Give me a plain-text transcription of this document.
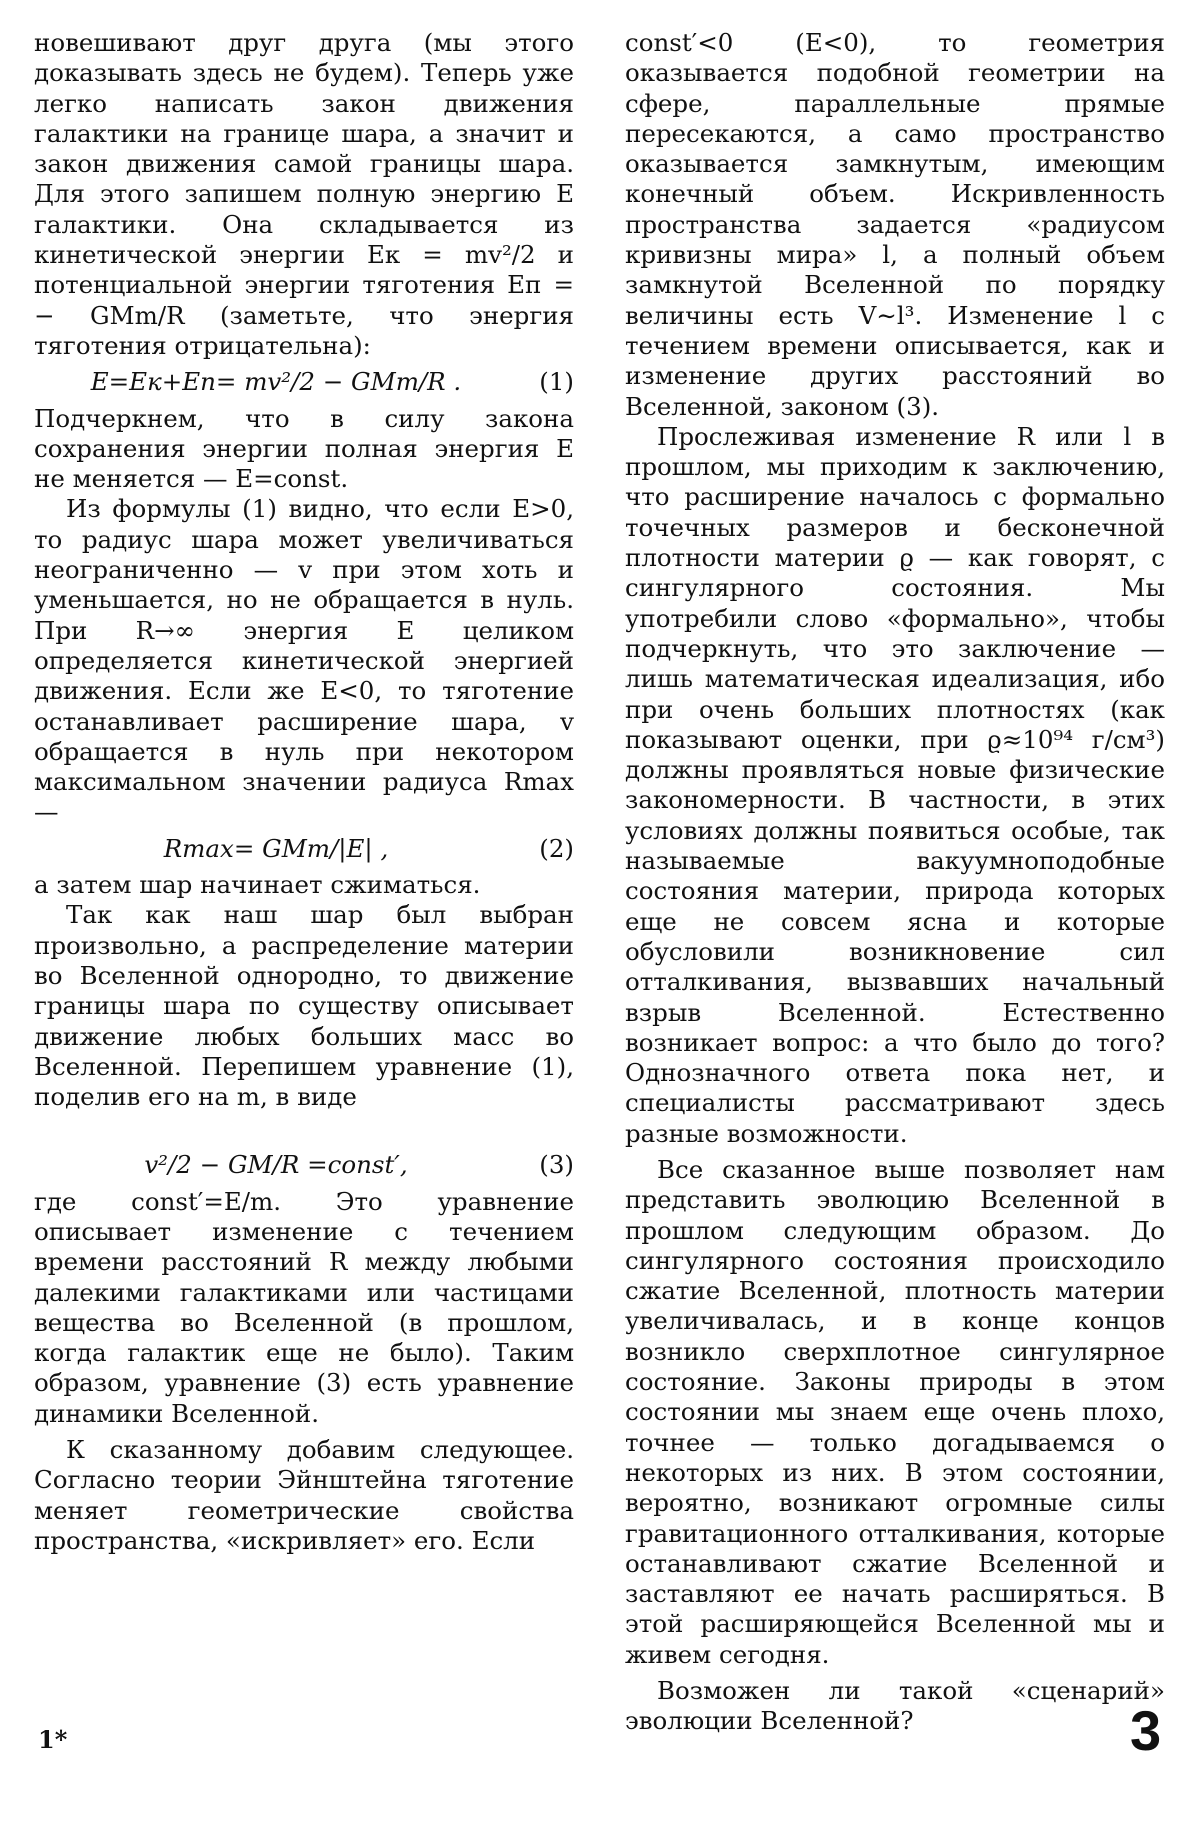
новешивают друг друга (мы этого доказывать здесь не будем). Теперь уже легко написать закон движения галактики на границе шара, а значит и закон движения самой границы шара. Для этого запишем полную энергию E галактики. Она складывается из кинетической энергии Eк = mv²/2 и потенциальной энергии тяготения Eп = − GMm/R (заметьте, что энергия тяготения отрицательна):

E=Eк+Eп= mv²/2 − GMm/R .	(1)

Подчеркнем, что в силу закона сохранения энергии полная энергия E не меняется — E=const.

Из формулы (1) видно, что если E>0, то радиус шара может увеличиваться неограниченно — v при этом хоть и уменьшается, но не обращается в нуль. При R→∞ энергия E целиком определяется кинетической энергией движения. Если же E<0, то тяготение останавливает расширение шара, v обращается в нуль при некотором максимальном значении радиуса Rmax —

Rmax= GMm/|E| ,	(2)

а затем шар начинает сжиматься.

Так как наш шар был выбран произвольно, а распределение материи во Вселенной однородно, то движение границы шара по существу описывает движение любых больших масс во Вселенной. Перепишем уравнение (1), поделив его на m, в виде

v²/2 − GM/R =const′,	(3)

где const′=E/m. Это уравнение описывает изменение с течением времени расстояний R между любыми далекими галактиками или частицами вещества во Вселенной (в прошлом, когда галактик еще не было). Таким образом, уравнение (3) есть уравнение динамики Вселенной.

К сказанному добавим следующее. Согласно теории Эйнштейна тяготение меняет геометрические свойства пространства, «искривляет» его. Если

const′<0 (E<0), то геометрия оказывается подобной геометрии на сфере, параллельные прямые пересекаются, а само пространство оказывается замкнутым, имеющим конечный объем. Искривленность пространства задается «радиусом кривизны мира» l, а полный объем замкнутой Вселенной по порядку величины есть V∼l³. Изменение l с течением времени описывается, как и изменение других расстояний во Вселенной, законом (3).

Прослеживая изменение R или l в прошлом, мы приходим к заключению, что расширение началось с формально точечных размеров и бесконечной плотности материи ϱ — как говорят, с сингулярного состояния. Мы употребили слово «формально», чтобы подчеркнуть, что это заключение — лишь математическая идеализация, ибо при очень больших плотностях (как показывают оценки, при ϱ≈10⁹⁴ г/см³) должны проявляться новые физические закономерности. В частности, в этих условиях должны появиться особые, так называемые вакуумноподобные состояния материи, природа которых еще не совсем ясна и которые обусловили возникновение сил отталкивания, вызвавших начальный взрыв Вселенной. Естественно возникает вопрос: а что было до того? Однозначного ответа пока нет, и специалисты рассматривают здесь разные возможности.

Все сказанное выше позволяет нам представить эволюцию Вселенной в прошлом следующим образом. До сингулярного состояния происходило сжатие Вселенной, плотность материи увеличивалась, и в конце концов возникло сверхплотное сингулярное состояние. Законы природы в этом состоянии мы знаем еще очень плохо, точнее — только догадываемся о некоторых из них. В этом состоянии, вероятно, возникают огромные силы гравитационного отталкивания, которые останавливают сжатие Вселенной и заставляют ее начать расширяться. В этой расширяющейся Вселенной мы и живем сегодня.

Возможен ли такой «сценарий» эволюции Вселенной?

1*	3
